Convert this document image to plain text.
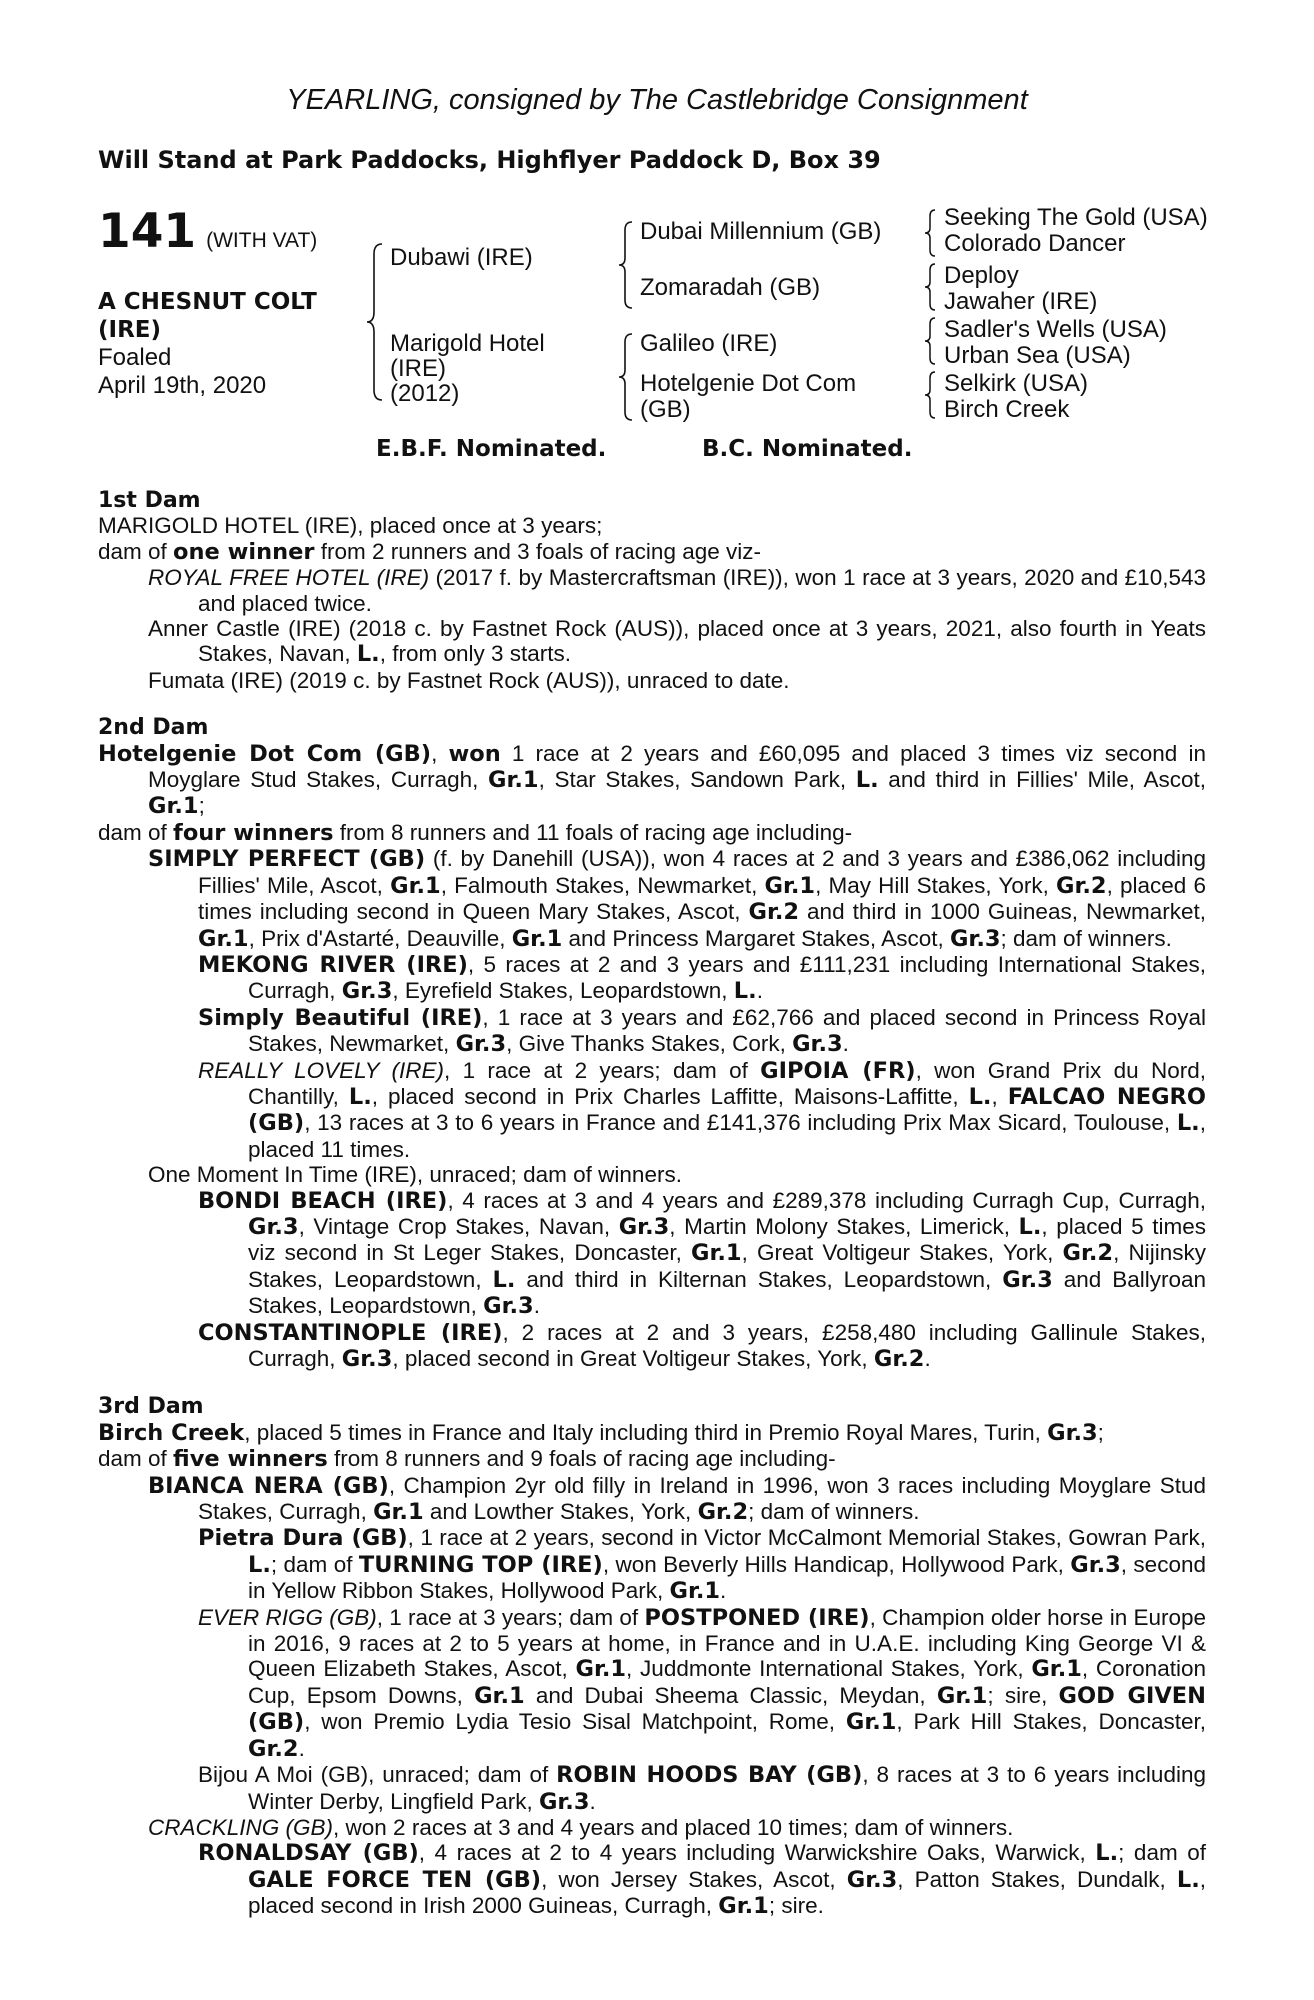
YEARLING, consigned by The Castlebridge Consignment
Will Stand at Park Paddocks, Highflyer Paddock D, Box 39
141 (WITH VAT)
A CHESNUT COLT
(IRE)
Foaled
April 19th, 2020
Dubawi (IRE)
Marigold Hotel
(IRE)
(2012)
Dubai Millennium (GB)
Zomaradah (GB)
Galileo (IRE)
Hotelgenie Dot Com
(GB)
Seeking The Gold (USA)
Colorado Dancer
Deploy
Jawaher (IRE)
Sadler's Wells (USA)
Urban Sea (USA)
Selkirk (USA)
Birch Creek
E.B.F. Nominated.	B.C. Nominated.
1st Dam
MARIGOLD HOTEL (IRE), placed once at 3 years;
dam of one winner from 2 runners and 3 foals of racing age viz-
ROYAL FREE HOTEL (IRE) (2017 f. by Mastercraftsman (IRE)), won 1 race at 3 years, 2020 and £10,543 and placed twice.
Anner Castle (IRE) (2018 c. by Fastnet Rock (AUS)), placed once at 3 years, 2021, also fourth in Yeats Stakes, Navan, L., from only 3 starts.
Fumata (IRE) (2019 c. by Fastnet Rock (AUS)), unraced to date.
2nd Dam
Hotelgenie Dot Com (GB), won 1 race at 2 years and £60,095 and placed 3 times viz second in Moyglare Stud Stakes, Curragh, Gr.1, Star Stakes, Sandown Park, L. and third in Fillies' Mile, Ascot, Gr.1;
dam of four winners from 8 runners and 11 foals of racing age including-
SIMPLY PERFECT (GB) (f. by Danehill (USA)), won 4 races at 2 and 3 years and £386,062 including Fillies' Mile, Ascot, Gr.1, Falmouth Stakes, Newmarket, Gr.1, May Hill Stakes, York, Gr.2, placed 6 times including second in Queen Mary Stakes, Ascot, Gr.2 and third in 1000 Guineas, Newmarket, Gr.1, Prix d'Astarté, Deauville, Gr.1 and Princess Margaret Stakes, Ascot, Gr.3; dam of winners.
MEKONG RIVER (IRE), 5 races at 2 and 3 years and £111,231 including International Stakes, Curragh, Gr.3, Eyrefield Stakes, Leopardstown, L..
Simply Beautiful (IRE), 1 race at 3 years and £62,766 and placed second in Princess Royal Stakes, Newmarket, Gr.3, Give Thanks Stakes, Cork, Gr.3.
REALLY LOVELY (IRE), 1 race at 2 years; dam of GIPOIA (FR), won Grand Prix du Nord, Chantilly, L., placed second in Prix Charles Laffitte, Maisons-Laffitte, L., FALCAO NEGRO (GB), 13 races at 3 to 6 years in France and £141,376 including Prix Max Sicard, Toulouse, L., placed 11 times.
One Moment In Time (IRE), unraced; dam of winners.
BONDI BEACH (IRE), 4 races at 3 and 4 years and £289,378 including Curragh Cup, Curragh, Gr.3, Vintage Crop Stakes, Navan, Gr.3, Martin Molony Stakes, Limerick, L., placed 5 times viz second in St Leger Stakes, Doncaster, Gr.1, Great Voltigeur Stakes, York, Gr.2, Nijinsky Stakes, Leopardstown, L. and third in Kilternan Stakes, Leopardstown, Gr.3 and Ballyroan Stakes, Leopardstown, Gr.3.
CONSTANTINOPLE (IRE), 2 races at 2 and 3 years, £258,480 including Gallinule Stakes, Curragh, Gr.3, placed second in Great Voltigeur Stakes, York, Gr.2.
3rd Dam
Birch Creek, placed 5 times in France and Italy including third in Premio Royal Mares, Turin, Gr.3;
dam of five winners from 8 runners and 9 foals of racing age including-
BIANCA NERA (GB), Champion 2yr old filly in Ireland in 1996, won 3 races including Moyglare Stud Stakes, Curragh, Gr.1 and Lowther Stakes, York, Gr.2; dam of winners.
Pietra Dura (GB), 1 race at 2 years, second in Victor McCalmont Memorial Stakes, Gowran Park, L.; dam of TURNING TOP (IRE), won Beverly Hills Handicap, Hollywood Park, Gr.3, second in Yellow Ribbon Stakes, Hollywood Park, Gr.1.
EVER RIGG (GB), 1 race at 3 years; dam of POSTPONED (IRE), Champion older horse in Europe in 2016, 9 races at 2 to 5 years at home, in France and in U.A.E. including King George VI & Queen Elizabeth Stakes, Ascot, Gr.1, Juddmonte International Stakes, York, Gr.1, Coronation Cup, Epsom Downs, Gr.1 and Dubai Sheema Classic, Meydan, Gr.1; sire, GOD GIVEN (GB), won Premio Lydia Tesio Sisal Matchpoint, Rome, Gr.1, Park Hill Stakes, Doncaster, Gr.2.
Bijou A Moi (GB), unraced; dam of ROBIN HOODS BAY (GB), 8 races at 3 to 6 years including Winter Derby, Lingfield Park, Gr.3.
CRACKLING (GB), won 2 races at 3 and 4 years and placed 10 times; dam of winners.
RONALDSAY (GB), 4 races at 2 to 4 years including Warwickshire Oaks, Warwick, L.; dam of GALE FORCE TEN (GB), won Jersey Stakes, Ascot, Gr.3, Patton Stakes, Dundalk, L., placed second in Irish 2000 Guineas, Curragh, Gr.1; sire.
